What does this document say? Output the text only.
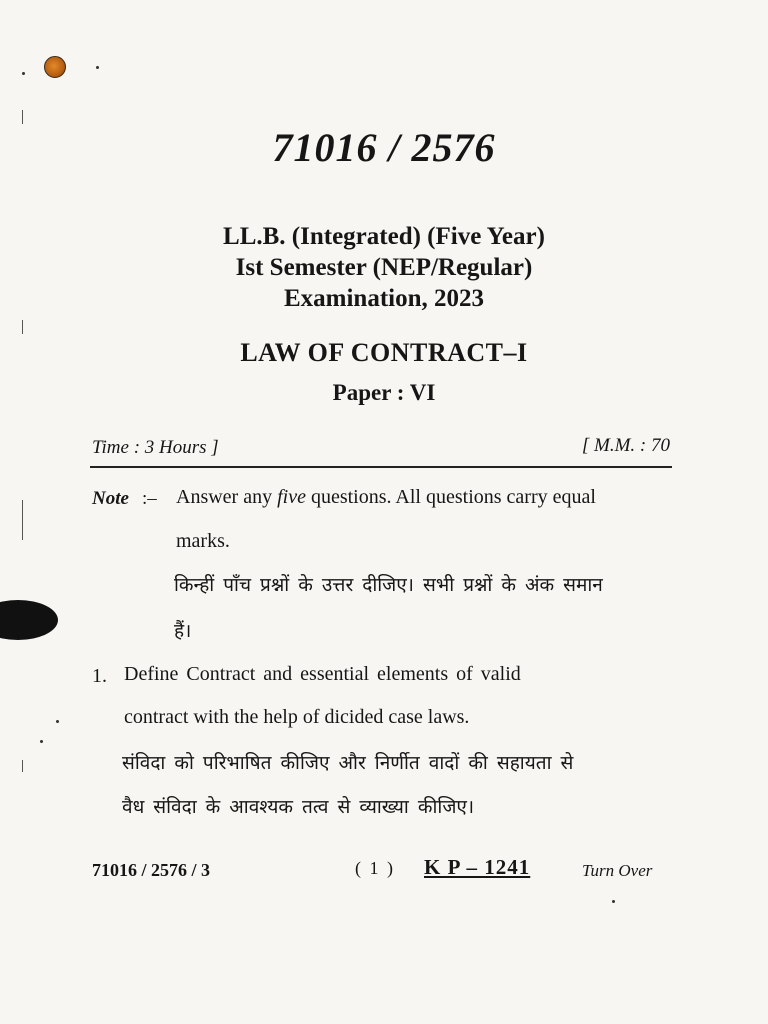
71016 / 2576
LL.B. (Integrated) (Five Year)
Ist Semester (NEP/Regular)
Examination, 2023
LAW OF CONTRACT–I
Paper : VI
Time : 3 Hours ]	[ M.M. : 70
Note :– Answer any five questions. All questions carry equal
marks.
किन्हीं पाँच प्रश्नों के उत्तर दीजिए। सभी प्रश्नों के अंक समान
हैं।
1. Define Contract and essential elements of valid
contract with the help of dicided case laws.
संविदा को परिभाषित कीजिए और निर्णीत वादों की सहायता से
वैध संविदा के आवश्यक तत्व से व्याख्या कीजिए।
71016 / 2576 / 3	( 1 ) K P – 1241	Turn Over
